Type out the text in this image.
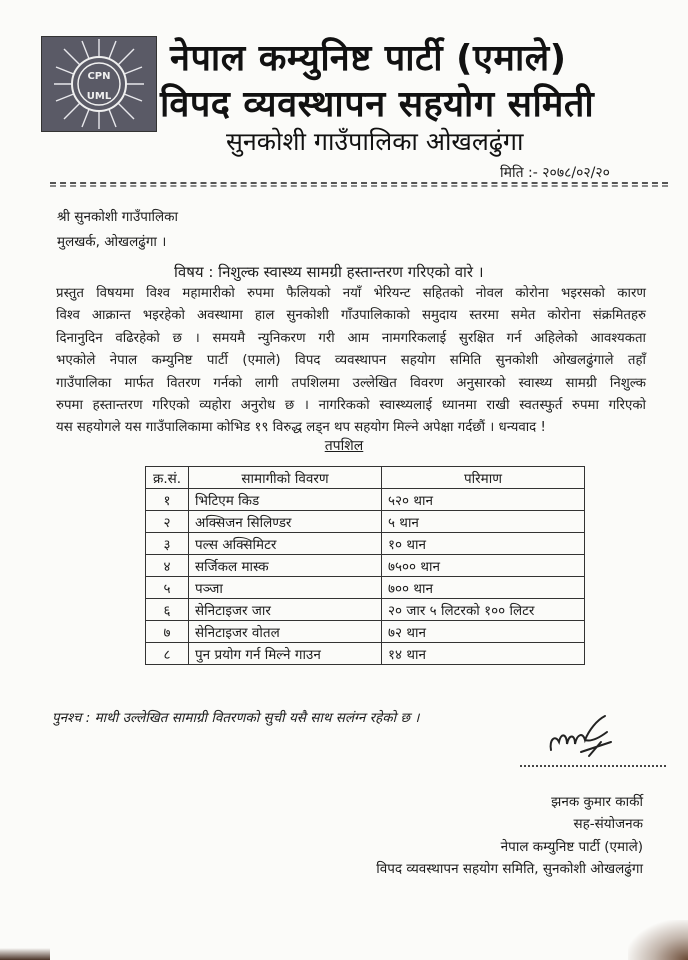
UML
CPN नेपाल कम्युनिष्ट पार्टी (एमाले)
विपद व्यवस्थापन सहयोग समिती
सुनकोशी गाउँपालिका ओखलढुंगा
मिति :- २०७८/०२/२०
श्री सुनकोशी गाउँपालिका
मुलखर्क, ओखलढुंगा ।
विषय : निशुल्क स्वास्थ्य सामग्री हस्तान्तरण गरिएको वारे ।
प्रस्तुत विषयमा विश्व महामारीको रुपमा फैलियको नयाँ भेरियन्ट सहितको नोवल कोरोना भइरसको कारण
विश्व आक्रान्त भइरहेको अवस्थामा हाल सुनकोशी गाँउपालिकाको समुदाय स्तरमा समेत कोरोना संक्रमितहरु
दिनानुदिन वढिरहेको छ । समयमै न्युनिकरण गरी आम नामगरिकलाई सुरक्षित गर्न अहिलेको आवश्यकता
भएकोले नेपाल कम्युनिष्ट पार्टी (एमाले) विपद व्यवस्थापन सहयोग समिति सुनकोशी ओखलढुंगाले तहाँ
गाउँपालिका मार्फत वितरण गर्नको लागी तपशिलमा उल्लेखित विवरण अनुसारको स्वास्थ्य सामग्री निशुल्क
रुपमा हस्तान्तरण गरिएको व्यहोरा अनुरोध छ । नागरिकको स्वास्थ्यलाई ध्यानमा राखी स्वतस्फुर्त रुपमा गरिएको
यस सहयोगले यस गाउँपालिकामा कोभिड १९ विरुद्ध लड्न थप सहयोग मिल्ने अपेक्षा गर्दछौं । धन्यवाद !
तपशिल
क्र.सं.	सामागीको विवरण	परिमाण
१	भिटिएम किड	५२० थान
२	अक्सिजन सिलिण्डर	५ थान
३	पल्स अक्सिमिटर	१० थान
४	सर्जिकल मास्क	७५०० थान
५	पञ्जा	७०० थान
६	सेनिटाइजर जार	२० जार ५ लिटरको १०० लिटर
७	सेनिटाइजर वोतल	७२ थान
८	पुन प्रयोग गर्न मिल्ने गाउन	१४ थान
पुनश्च : माथी उल्लेखित सामाग्री वितरणको सुची यसै साथ सलंग्न रहेको छ ।
झनक कुमार कार्की
सह-संयोजनक
नेपाल कम्युनिष्ट पार्टी (एमाले)
विपद व्यवस्थापन सहयोग समिति, सुनकोशी ओखलढुंगा
